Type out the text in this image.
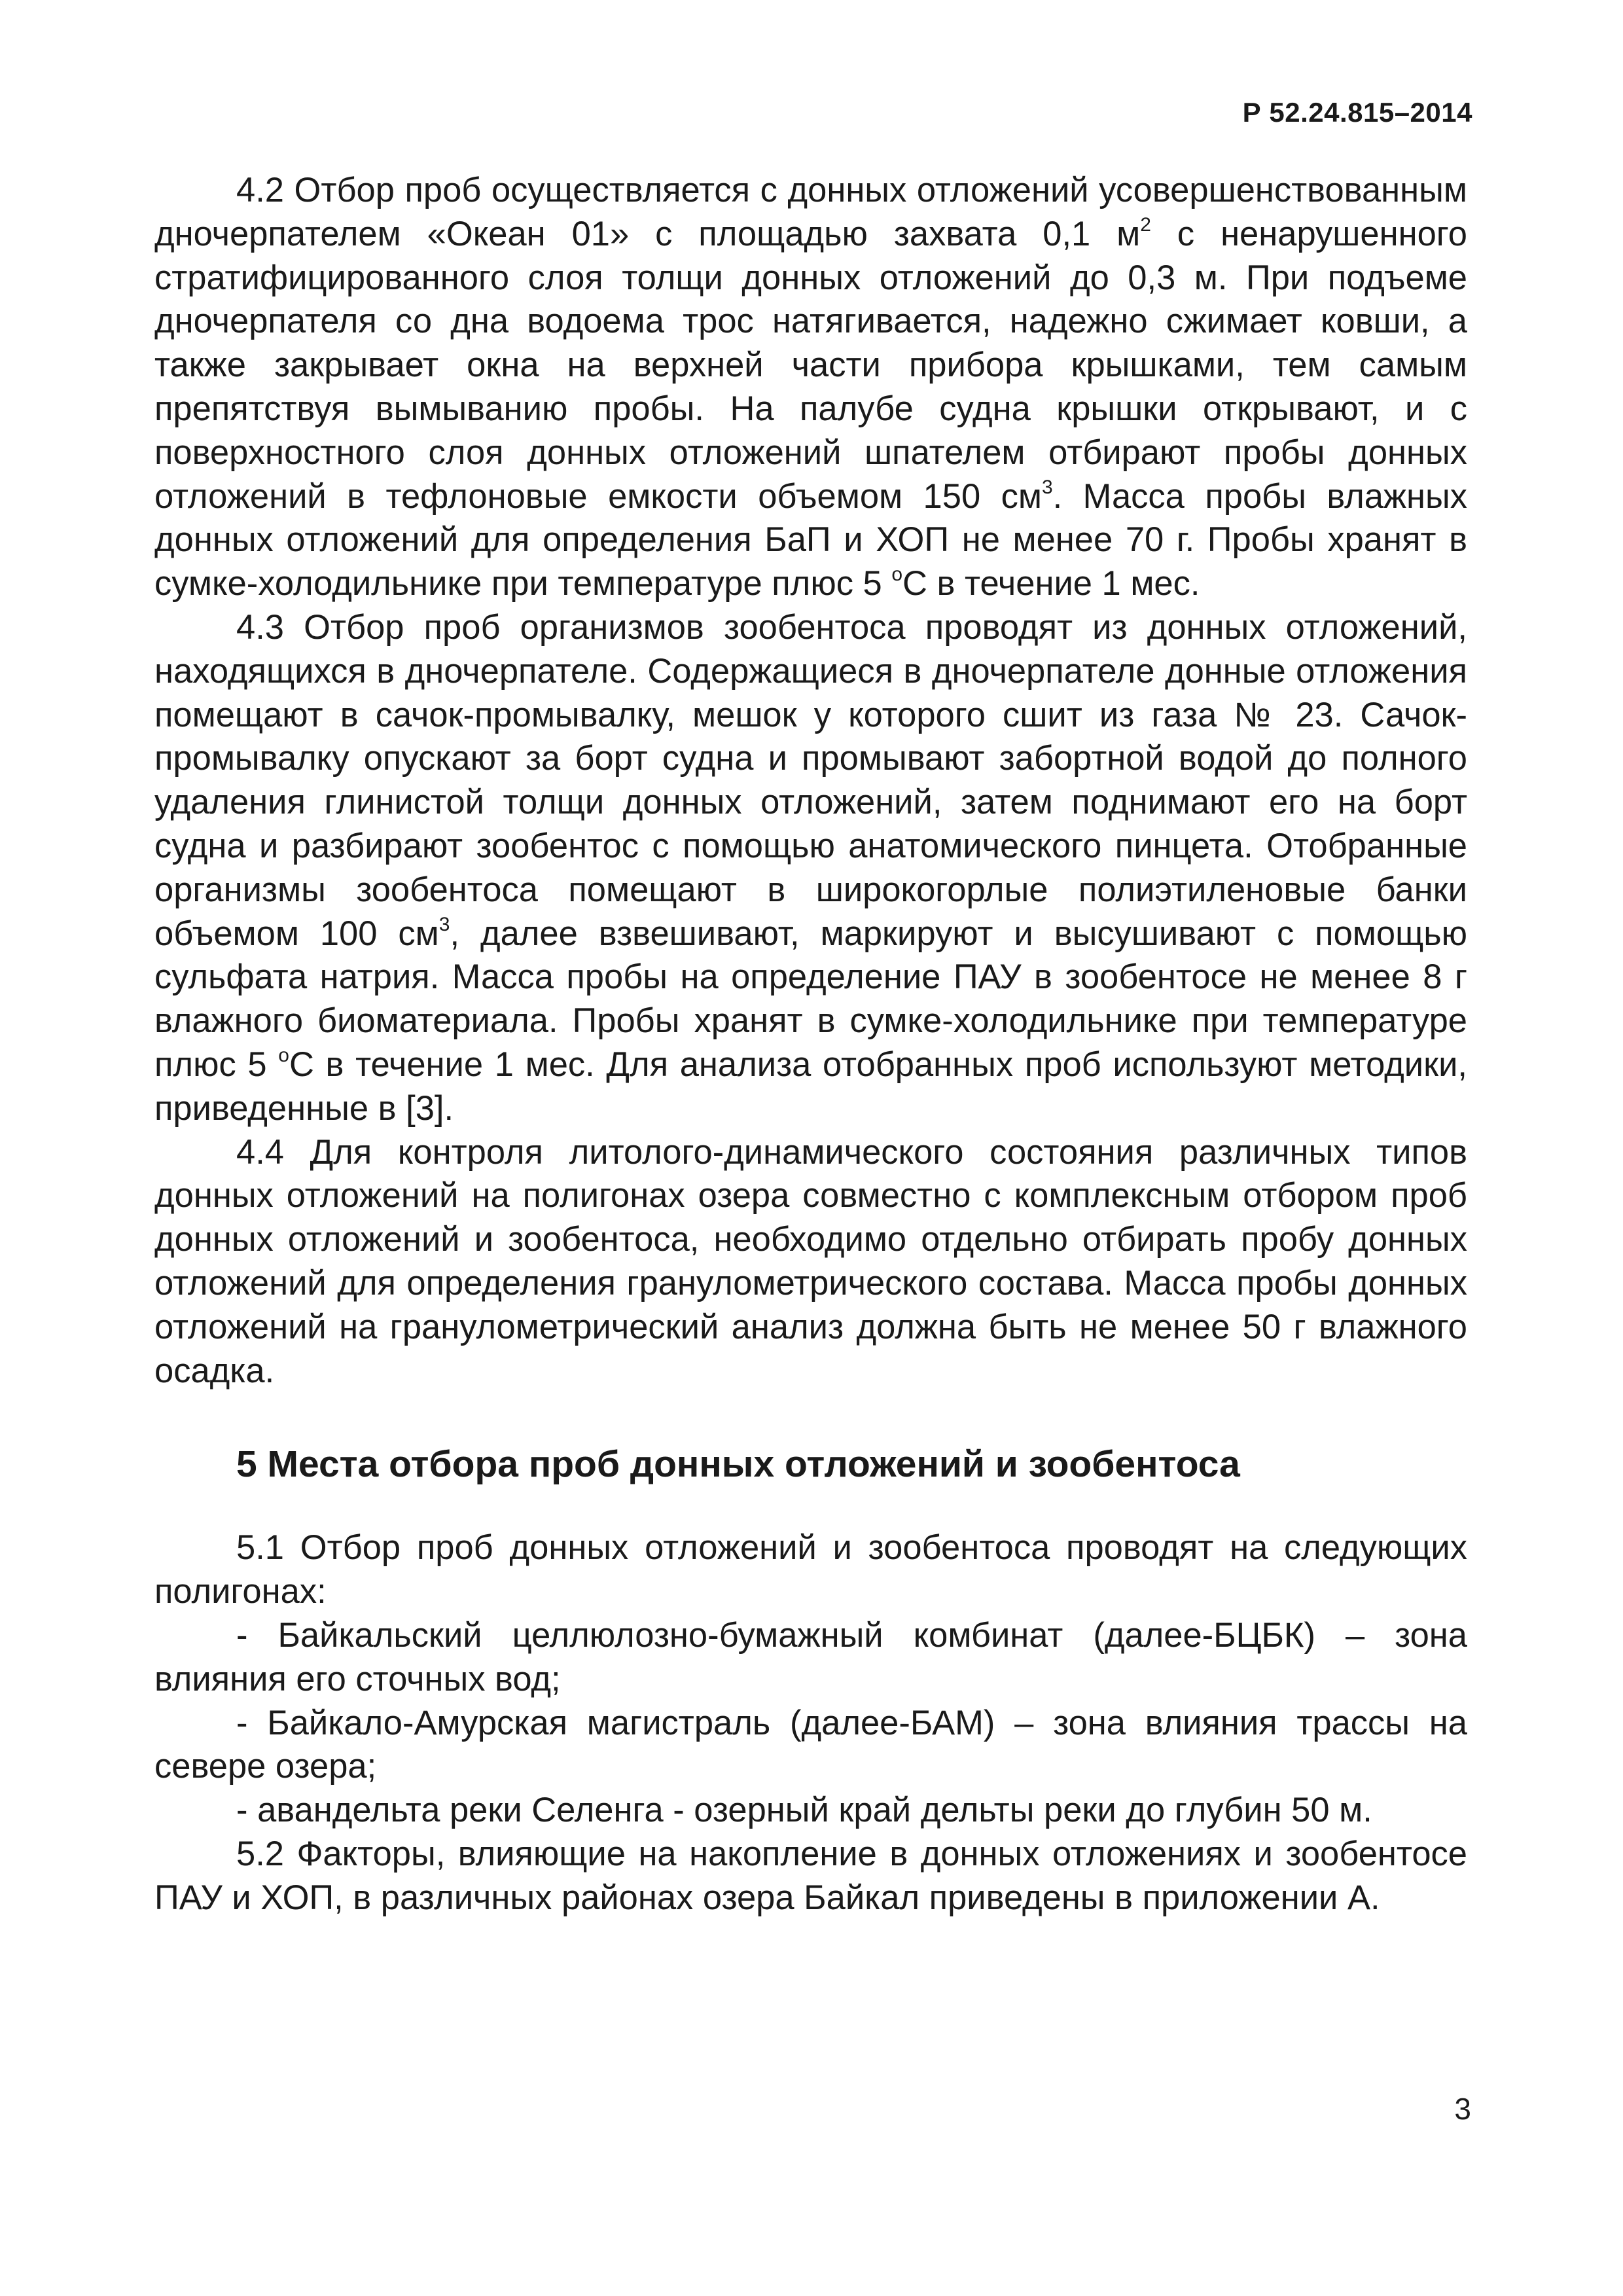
Р 52.24.815–2014

4.2 Отбор проб осуществляется с донных отложений усовершенствованным дночерпателем «Океан 01» с площадью захвата 0,1 $м^2$ с ненарушенного стратифицированного слоя толщи донных отложений до 0,3 м. При подъеме дночерпателя со дна водоема трос натягивается, надежно сжимает ковши, а также закрывает окна на верхней части прибора крышками, тем самым препятствуя вымыванию пробы. На палубе судна крышки открывают, и с поверхностного слоя донных отложений шпателем отбирают пробы донных отложений в тефлоновые емкости объемом 150 $см^3$. Масса пробы влажных донных отложений для определения БаП и ХОП не менее 70 г. Пробы хранят в сумке-холодильнике при температуре плюс 5 $^о$С в течение 1 мес.

4.3 Отбор проб организмов зообентоса проводят из донных отложений, находящихся в дночерпателе. Содержащиеся в дночерпателе донные отложения помещают в сачок-промывалку, мешок у которого сшит из газа № 23. Сачок-промывалку опускают за борт судна и промывают забортной водой до полного удаления глинистой толщи донных отложений, затем поднимают его на борт судна и разбирают зообентос с помощью анатомического пинцета. Отобранные организмы зообентоса помещают в широкогорлые полиэтиленовые банки объемом 100 $см^3$, далее взвешивают, маркируют и высушивают с помощью сульфата натрия. Масса пробы на определение ПАУ в зообентосе не менее 8 г влажного биоматериала. Пробы хранят в сумке-холодильнике при температуре плюс 5 $^о$С в течение 1 мес. Для анализа отобранных проб используют методики, приведенные в [3].

4.4 Для контроля литолого-динамического состояния различных типов донных отложений на полигонах озера совместно с комплексным отбором проб донных отложений и зообентоса, необходимо отдельно отбирать пробу донных отложений для определения гранулометрического состава. Масса пробы донных отложений на гранулометрический анализ должна быть не менее 50 г влажного осадка.

5 Места отбора проб донных отложений и зообентоса

5.1 Отбор проб донных отложений и зообентоса проводят на следующих полигонах:

- Байкальский целлюлозно-бумажный комбинат (далее-БЦБК) – зона влияния его сточных вод;

- Байкало-Амурская магистраль (далее-БАМ) – зона влияния трассы на севере озера;

- авандельта реки Селенга - озерный край дельты реки до глубин 50 м.

5.2 Факторы, влияющие на накопление в донных отложениях и зообентосе ПАУ и ХОП, в различных районах озера Байкал приведены в приложении А.

3
